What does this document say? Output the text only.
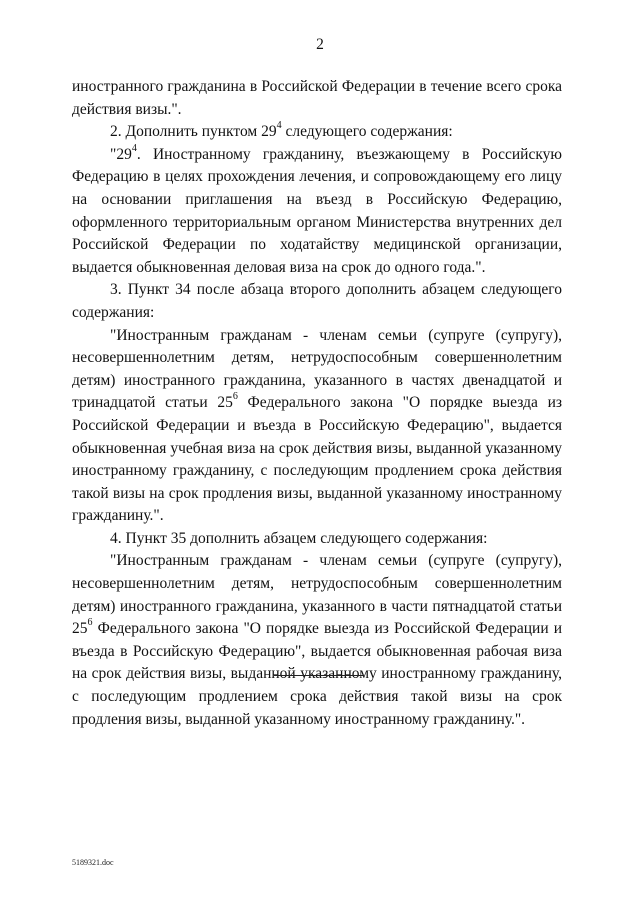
2

иностранного гражданина в Российской Федерации в течение всего срока действия визы.".

2. Дополнить пунктом $29^4$ следующего содержания:

"$29^4$. Иностранному гражданину, въезжающему в Российскую Федерацию в целях прохождения лечения, и сопровождающему его лицу на основании приглашения на въезд в Российскую Федерацию, оформленного территориальным органом Министерства внутренних дел Российской Федерации по ходатайству медицинской организации, выдается обыкновенная деловая виза на срок до одного года.".

3. Пункт 34 после абзаца второго дополнить абзацем следующего содержания:

"Иностранным гражданам - членам семьи (супруге (супругу), несовершеннолетним детям, нетрудоспособным совершеннолетним детям) иностранного гражданина, указанного в частях двенадцатой и тринадцатой статьи $25^6$ Федерального закона "О порядке выезда из Российской Федерации и въезда в Российскую Федерацию", выдается обыкновенная учебная виза на срок действия визы, выданной указанному иностранному гражданину, с последующим продлением срока действия такой визы на срок продления визы, выданной указанному иностранному гражданину.".

4. Пункт 35 дополнить абзацем следующего содержания:

"Иностранным гражданам - членам семьи (супруге (супругу), несовершеннолетним детям, нетрудоспособным совершеннолетним детям) иностранного гражданина, указанного в части пятнадцатой статьи $25^6$ Федерального закона "О порядке выезда из Российской Федерации и въезда в Российскую Федерацию", выдается обыкновенная рабочая виза на срок действия визы, выданной указанному иностранному гражданину, с последующим продлением срока действия такой визы на срок продления визы, выданной указанному иностранному гражданину.".

5189321.doc
